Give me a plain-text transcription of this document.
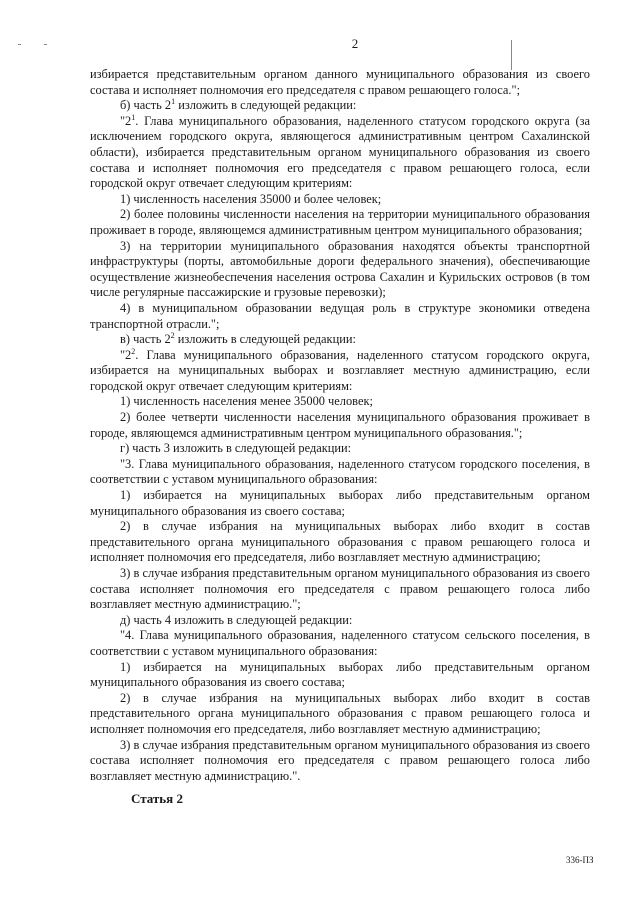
2

избирается представительным органом данного муниципального образования из своего состава и исполняет полномочия его председателя с правом решающего голоса.";

б) часть $2^1$ изложить в следующей редакции:

"$2^1$. Глава муниципального образования, наделенного статусом городского округа (за исключением городского округа, являющегося административным центром Сахалинской области), избирается представительным органом муниципального образования из своего состава и исполняет полномочия его председателя с правом решающего голоса, если городской округ отвечает следующим критериям:

1) численность населения 35000 и более человек;

2) более половины численности населения на территории муниципального образования проживает в городе, являющемся административным центром муниципального образования;

3) на территории муниципального образования находятся объекты транспортной инфраструктуры (порты, автомобильные дороги федерального значения), обеспечивающие осуществление жизнеобеспечения населения острова Сахалин и Курильских островов (в том числе регулярные пассажирские и грузовые перевозки);

4) в муниципальном образовании ведущая роль в структуре экономики отведена транспортной отрасли.";

в) часть $2^2$ изложить в следующей редакции:

"$2^2$. Глава муниципального образования, наделенного статусом городского округа, избирается на муниципальных выборах и возглавляет местную администрацию, если городской округ отвечает следующим критериям:

1) численность населения менее 35000 человек;

2) более четверти численности населения муниципального образования проживает в городе, являющемся административным центром муниципального образования.";

г) часть 3 изложить в следующей редакции:

"3. Глава муниципального образования, наделенного статусом городского поселения, в соответствии с уставом муниципального образования:

1) избирается на муниципальных выборах либо представительным органом муниципального образования из своего состава;

2) в случае избрания на муниципальных выборах либо входит в состав представительного органа муниципального образования с правом решающего голоса и исполняет полномочия его председателя, либо возглавляет местную администрацию;

3) в случае избрания представительным органом муниципального образования из своего состава исполняет полномочия его председателя с правом решающего голоса либо возглавляет местную администрацию.";

д) часть 4 изложить в следующей редакции:

"4. Глава муниципального образования, наделенного статусом сельского поселения, в соответствии с уставом муниципального образования:

1) избирается на муниципальных выборах либо представительным органом муниципального образования из своего состава;

2) в случае избрания на муниципальных выборах либо входит в состав представительного органа муниципального образования с правом решающего голоса и исполняет полномочия его председателя, либо возглавляет местную администрацию;

3) в случае избрания представительным органом муниципального образования из своего состава исполняет полномочия его председателя с правом решающего голоса либо возглавляет местную администрацию.".

Статья 2
336-ПЗ
